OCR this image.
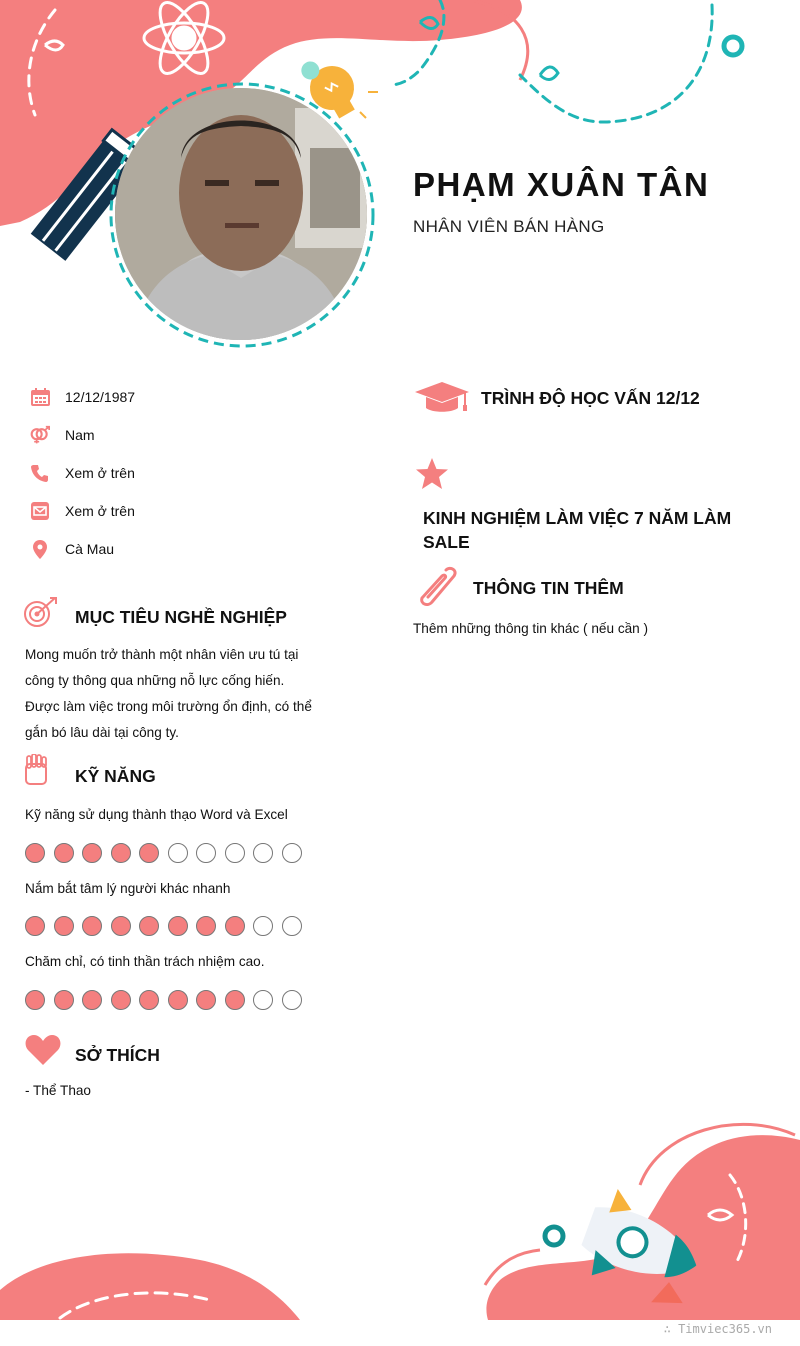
PHẠM XUÂN TÂN
NHÂN VIÊN BÁN HÀNG
12/12/1987
Nam
Xem ở trên
Xem ở trên
Cà Mau
MỤC TIÊU NGHỀ NGHIỆP
Mong muốn trở thành một nhân viên ưu tú tại
công ty thông qua những nỗ lực cống hiến.
Được làm việc trong môi trường ổn định, có thể
gắn bó lâu dài tại công ty.
KỸ NĂNG
Kỹ năng sử dụng thành thạo Word và Excel
Nắm bắt tâm lý người khác nhanh
Chăm chỉ, có tinh thần trách nhiệm cao.
SỞ THÍCH
- Thể Thao
TRÌNH ĐỘ HỌC VẤN 12/12
KINH NGHIỆM LÀM VIỆC 7 NĂM LÀM
SALE
THÔNG TIN THÊM
Thêm những thông tin khác ( nếu cần )
∴ Timviec365.vn
